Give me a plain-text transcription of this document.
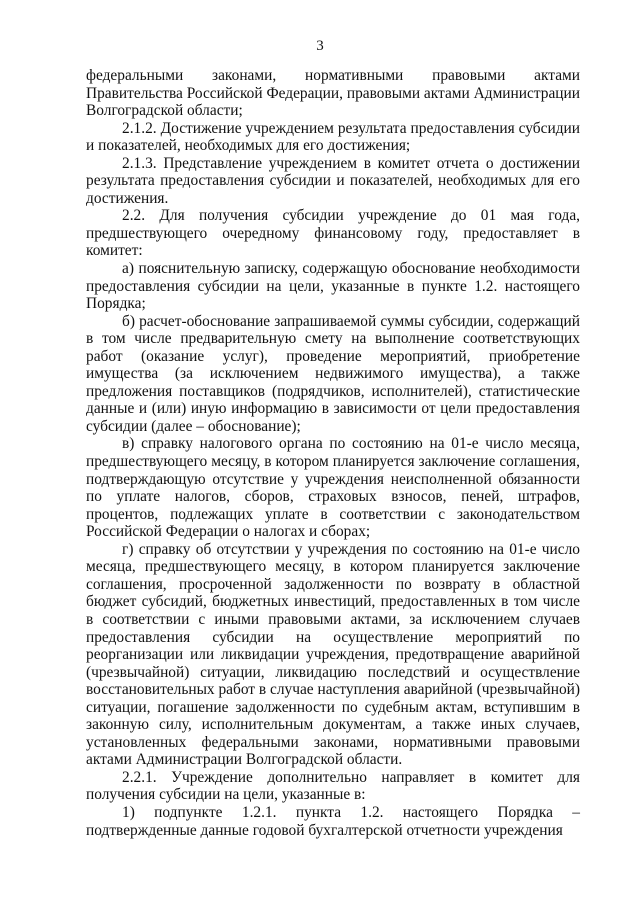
3

федеральными законами, нормативными правовыми актами Правительства Российской Федерации, правовыми актами Администрации Волгоградской области;

2.1.2. Достижение учреждением результата предоставления субсидии и показателей, необходимых для его достижения;

2.1.3. Представление учреждением в комитет отчета о достижении результата предоставления субсидии и показателей, необходимых для его достижения.

2.2. Для получения субсидии учреждение до 01 мая года, предшествующего очередному финансовому году, предоставляет в комитет:

а) пояснительную записку, содержащую обоснование необходимости предоставления субсидии на цели, указанные в пункте 1.2. настоящего Порядка;

б) расчет-обоснование запрашиваемой суммы субсидии, содержащий в том числе предварительную смету на выполнение соответствующих работ (оказание услуг), проведение мероприятий, приобретение имущества (за исключением недвижимого имущества), а также предложения поставщиков (подрядчиков, исполнителей), статистические данные и (или) иную информацию в зависимости от цели предоставления субсидии (далее – обоснование);

в) справку налогового органа по состоянию на 01-е число месяца, предшествующего месяцу, в котором планируется заключение соглашения, подтверждающую отсутствие у учреждения неисполненной обязанности по уплате налогов, сборов, страховых взносов, пеней, штрафов, процентов, подлежащих уплате в соответствии с законодательством Российской Федерации о налогах и сборах;

г) справку об отсутствии у учреждения по состоянию на 01-е число месяца, предшествующего месяцу, в котором планируется заключение соглашения, просроченной задолженности по возврату в областной бюджет субсидий, бюджетных инвестиций, предоставленных в том числе в соответствии с иными правовыми актами, за исключением случаев предоставления субсидии на осуществление мероприятий по реорганизации или ликвидации учреждения, предотвращение аварийной (чрезвычайной) ситуации, ликвидацию последствий и осуществление восстановительных работ в случае наступления аварийной (чрезвычайной) ситуации, погашение задолженности по судебным актам, вступившим в законную силу, исполнительным документам, а также иных случаев, установленных федеральными законами, нормативными правовыми актами Администрации Волгоградской области.

2.2.1. Учреждение дополнительно направляет в комитет для получения субсидии на цели, указанные в:

1) подпункте 1.2.1. пункта 1.2. настоящего Порядка – подтвержденные данные годовой бухгалтерской отчетности учреждения
